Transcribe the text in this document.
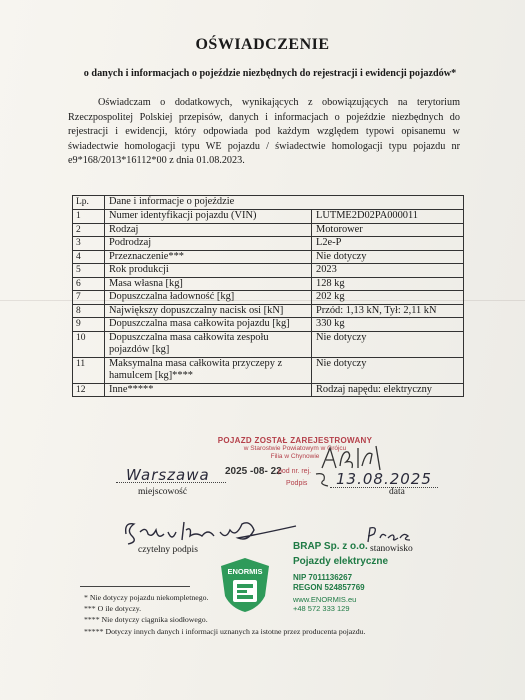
OŚWIADCZENIE
o danych i informacjach o pojeździe niezbędnych do rejestracji i ewidencji pojazdów*
Oświadczam o dodatkowych, wynikających z obowiązujących na terytorium Rzeczpospolitej Polskiej przepisów, danych i informacjach o pojeździe niezbędnych do rejestracji i ewidencji, który odpowiada pod każdym względem typowi opisanemu w świadectwie homologacji typu WE pojazdu / świadectwie homologacji typu pojazdu nr e9*168/2013*16112*00 z dnia 01.08.2023.
Lp.	Dane i informacje o pojeździe	
1	Numer identyfikacji pojazdu (VIN)	LUTME2D02PA000011
2	Rodzaj	Motorower
3	Podrodzaj	L2e-P
4	Przeznaczenie***	Nie dotyczy
5	Rok produkcji	2023
6	Masa własna [kg]	128 kg
7	Dopuszczalna ładowność [kg]	202 kg
8	Największy dopuszczalny nacisk osi [kN]	Przód: 1,13 kN, Tył: 2,11 kN
9	Dopuszczalna masa całkowita pojazdu [kg]	330 kg
10	Dopuszczalna masa całkowita zespołu pojazdów [kg]	Nie dotyczy
11	Maksymalna masa całkowita przyczepy z hamulcem [kg]****	Nie dotyczy
12	Inne*****	Rodzaj napędu: elektryczny
POJAZD ZOSTAŁ ZAREJESTROWANY
w Starostwie Powiatowym w Grójcu
Filia w Chynowie
2025 -08- 22
pod nr. rej.
Podpis
Warszawa
miejscowość
13.08.2025
data
czytelny podpis	stanowisko
BRAP Sp. z o.o.
Pojazdy elektryczne
NIP 7011136267
REGON 524857769
www.ENORMIS.eu
+48 572 333 129
ENORMIS
* Nie dotyczy pojazdu niekompletnego.
*** O ile dotyczy.
**** Nie dotyczy ciągnika siodłowego.
***** Dotyczy innych danych i informacji uznanych za istotne przez producenta pojazdu.
